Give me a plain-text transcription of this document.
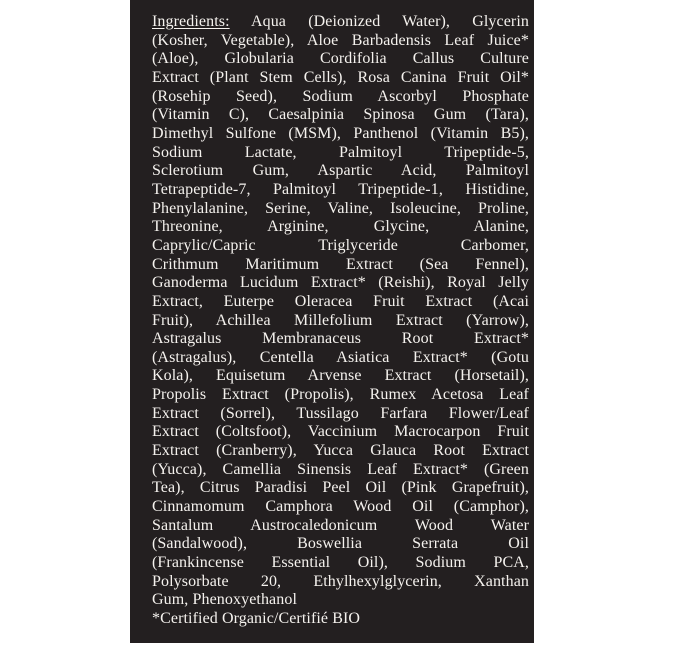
Ingredients: Aqua (Deionized Water), Glycerin
(Kosher, Vegetable), Aloe Barbadensis Leaf Juice*
(Aloe), Globularia Cordifolia Callus Culture
Extract (Plant Stem Cells), Rosa Canina Fruit Oil*
(Rosehip Seed), Sodium Ascorbyl Phosphate
(Vitamin C), Caesalpinia Spinosa Gum (Tara),
Dimethyl Sulfone (MSM), Panthenol (Vitamin B5),
Sodium Lactate, Palmitoyl Tripeptide-5,
Sclerotium Gum, Aspartic Acid, Palmitoyl
Tetrapeptide-7, Palmitoyl Tripeptide-1, Histidine,
Phenylalanine, Serine, Valine, Isoleucine, Proline,
Threonine, Arginine, Glycine, Alanine,
Caprylic/Capric Triglyceride Carbomer,
Crithmum Maritimum Extract (Sea Fennel),
Ganoderma Lucidum Extract* (Reishi), Royal Jelly
Extract, Euterpe Oleracea Fruit Extract (Acai
Fruit), Achillea Millefolium Extract (Yarrow),
Astragalus Membranaceus Root Extract*
(Astragalus), Centella Asiatica Extract* (Gotu
Kola), Equisetum Arvense Extract (Horsetail),
Propolis Extract (Propolis), Rumex Acetosa Leaf
Extract (Sorrel), Tussilago Farfara Flower/Leaf
Extract (Coltsfoot), Vaccinium Macrocarpon Fruit
Extract (Cranberry), Yucca Glauca Root Extract
(Yucca), Camellia Sinensis Leaf Extract* (Green
Tea), Citrus Paradisi Peel Oil (Pink Grapefruit),
Cinnamomum Camphora Wood Oil (Camphor),
Santalum Austrocaledonicum Wood Water
(Sandalwood), Boswellia Serrata Oil
(Frankincense Essential Oil), Sodium PCA,
Polysorbate 20, Ethylhexylglycerin, Xanthan
Gum, Phenoxyethanol
*Certified Organic/Certifié BIO
